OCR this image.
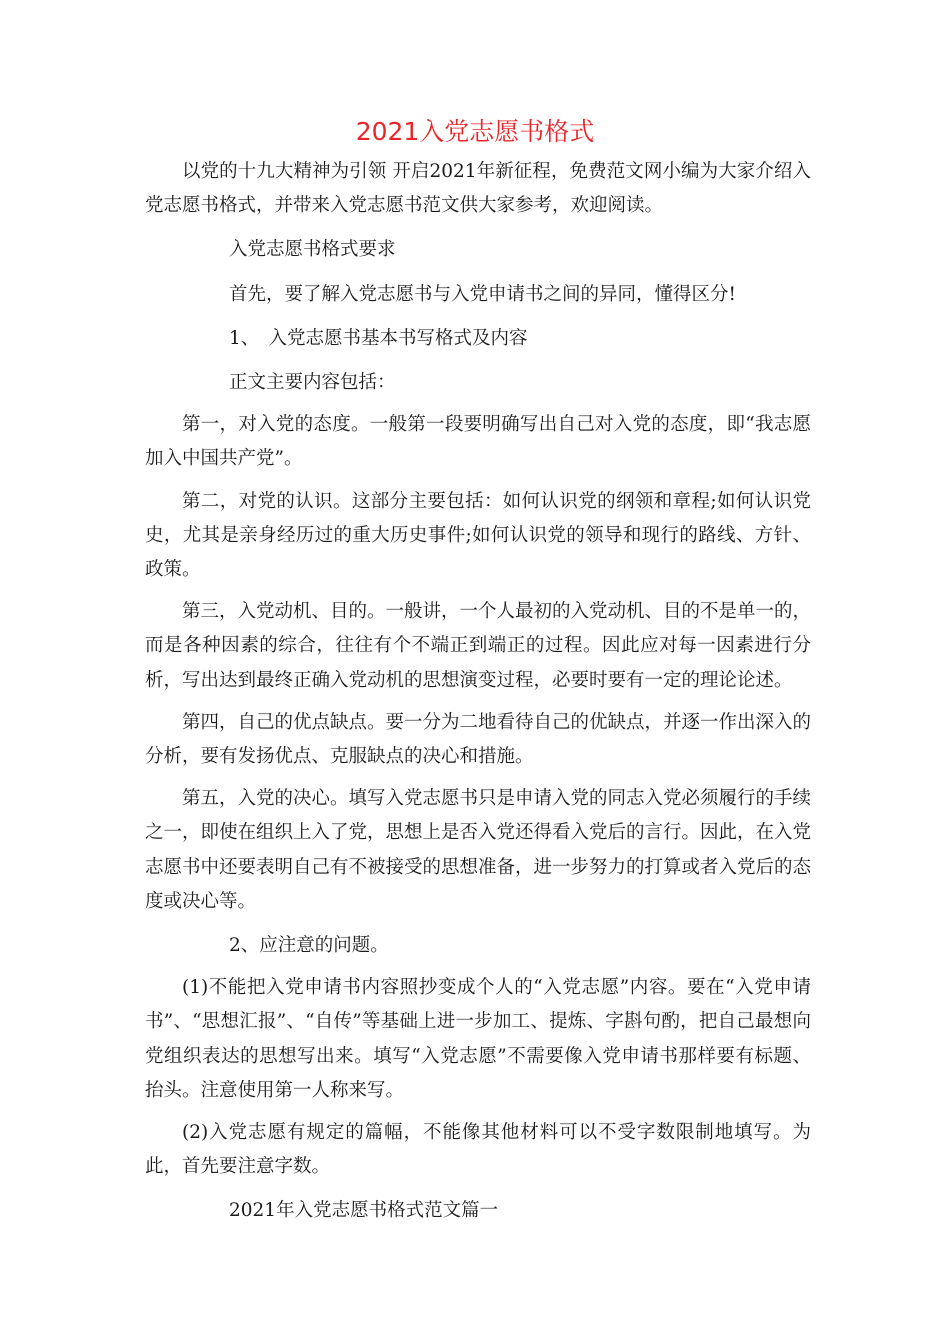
2021入党志愿书格式

以党的十九大精神为引领 开启2021年新征程，免费范文网小编为大家介绍入党志愿书格式，并带来入党志愿书范文供大家参考，欢迎阅读。

入党志愿书格式要求

首先，要了解入党志愿书与入党申请书之间的异同，懂得区分!

1、　入党志愿书基本书写格式及内容

正文主要内容包括：

第一，对入党的态度。一般第一段要明确写出自己对入党的态度，即“我志愿加入中国共产党”。

第二，对党的认识。这部分主要包括：如何认识党的纲领和章程;如何认识党史，尤其是亲身经历过的重大历史事件;如何认识党的领导和现行的路线、方针、政策。

第三，入党动机、目的。一般讲，一个人最初的入党动机、目的不是单一的，而是各种因素的综合，往往有个不端正到端正的过程。因此应对每一因素进行分析，写出达到最终正确入党动机的思想演变过程，必要时要有一定的理论论述。

第四，自己的优点缺点。要一分为二地看待自己的优缺点，并逐一作出深入的分析，要有发扬优点、克服缺点的决心和措施。

第五，入党的决心。填写入党志愿书只是申请入党的同志入党必须履行的手续之一，即使在组织上入了党，思想上是否入党还得看入党后的言行。因此，在入党志愿书中还要表明自己有不被接受的思想准备，进一步努力的打算或者入党后的态度或决心等。

2、应注意的问题。

(1)不能把入党申请书内容照抄变成个人的“入党志愿”内容。要在“入党申请书”、“思想汇报”、“自传”等基础上进一步加工、提炼、字斟句酌，把自己最想向党组织表达的思想写出来。填写“入党志愿”不需要像入党申请书那样要有标题、抬头。注意使用第一人称来写。

(2)入党志愿有规定的篇幅，不能像其他材料可以不受字数限制地填写。为此，首先要注意字数。

2021年入党志愿书格式范文篇一
